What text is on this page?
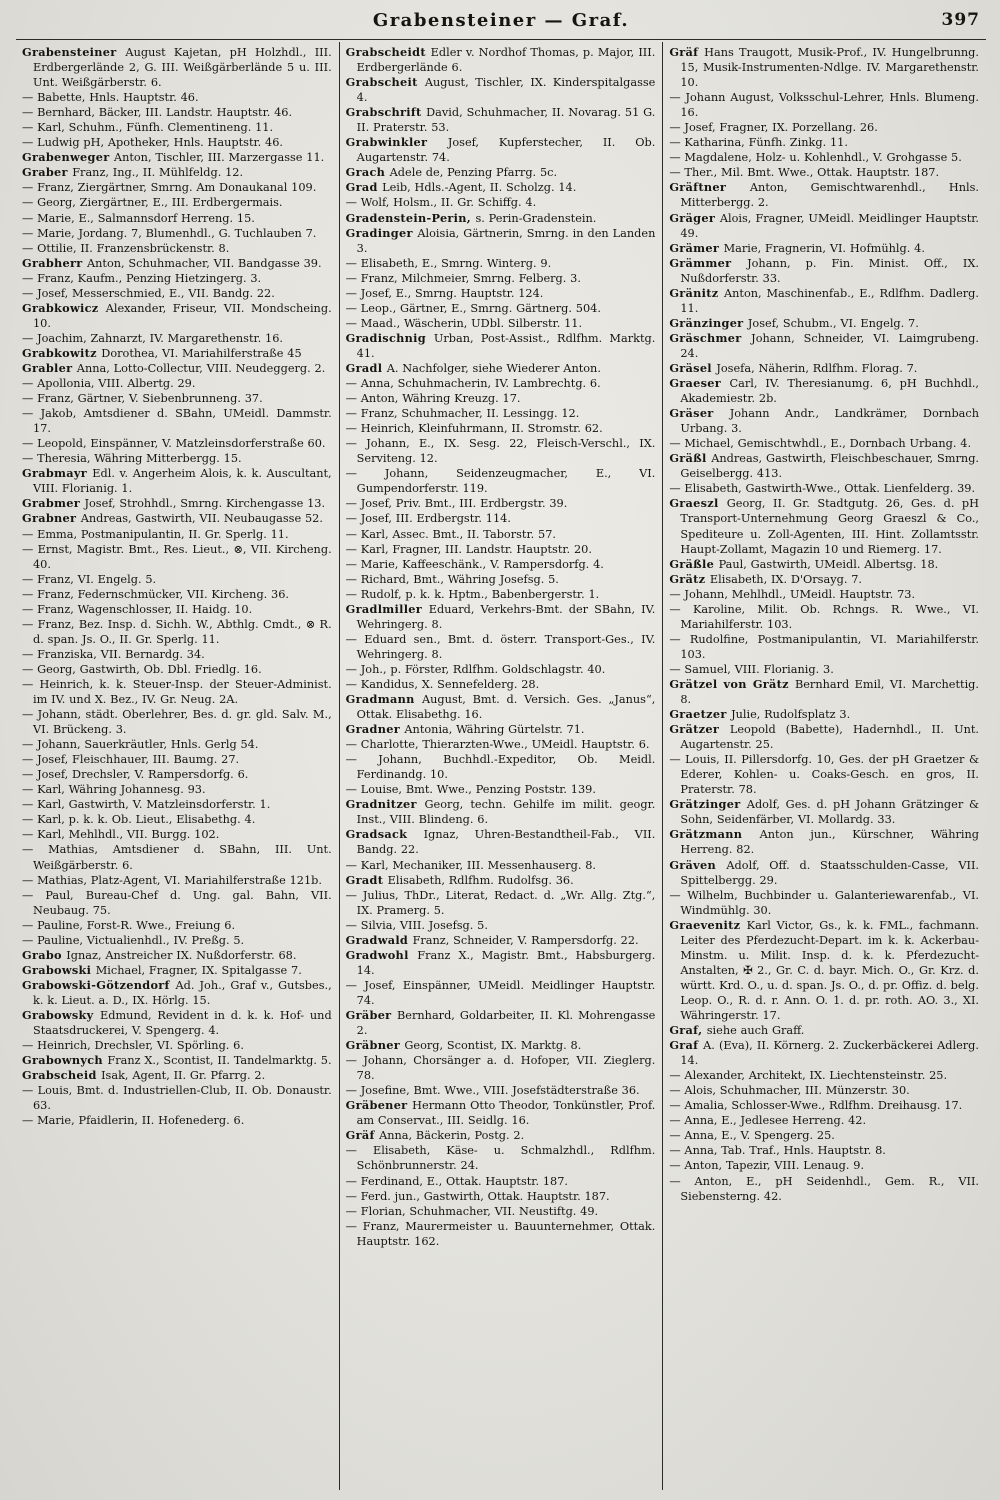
Grabensteiner — Graf.	397

Grabensteiner August Kajetan, pH Holzhdl., III. Erdbergerlände 2, G. III. Weißgärberlände 5 u. III. Unt. Weißgärberstr. 6.

— Babette, Hnls. Hauptstr. 46.

— Bernhard, Bäcker, III. Landstr. Hauptstr. 46.

— Karl, Schuhm., Fünfh. Clementineng. 11.

— Ludwig pH, Apotheker, Hnls. Hauptstr. 46.

Grabenweger Anton, Tischler, III. Marzergasse 11.

Graber Franz, Ing., II. Mühlfeldg. 12.

— Franz, Ziergärtner, Smrng. Am Donaukanal 109.

— Georg, Ziergärtner, E., III. Erdbergermais.

— Marie, E., Salmannsdorf Herreng. 15.

— Marie, Jordang. 7, Blumenhdl., G. Tuchlauben 7.

— Ottilie, II. Franzensbrückenstr. 8.

Grabherr Anton, Schuhmacher, VII. Bandgasse 39.

— Franz, Kaufm., Penzing Hietzingerg. 3.

— Josef, Messerschmied, E., VII. Bandg. 22.

Grabkowicz Alexander, Friseur, VII. Mondscheing. 10.

— Joachim, Zahnarzt, IV. Margarethenstr. 16.

Grabkowitz Dorothea, VI. Mariahilferstraße 45

Grabler Anna, Lotto-Collectur, VIII. Neudeggerg. 2.

— Apollonia, VIII. Albertg. 29.

— Franz, Gärtner, V. Siebenbrunneng. 37.

— Jakob, Amtsdiener d. SBahn, UMeidl. Dammstr. 17.

— Leopold, Einspänner, V. Matzleinsdorferstraße 60.

— Theresia, Währing Mitterbergg. 15.

Grabmayr Edl. v. Angerheim Alois, k. k. Auscultant, VIII. Florianig. 1.

Grabmer Josef, Strohhdl., Smrng. Kirchengasse 13.

Grabner Andreas, Gastwirth, VII. Neubaugasse 52.

— Emma, Postmanipulantin, II. Gr. Sperlg. 11.

— Ernst, Magistr. Bmt., Res. Lieut., ⊗, VII. Kircheng. 40.

— Franz, VI. Engelg. 5.

— Franz, Federnschmücker, VII. Kircheng. 36.

— Franz, Wagenschlosser, II. Haidg. 10.

— Franz, Bez. Insp. d. Sichh. W., Abthlg. Cmdt., ⊗ R. d. span. Js. O., II. Gr. Sperlg. 11.

— Franziska, VII. Bernardg. 34.

— Georg, Gastwirth, Ob. Dbl. Friedlg. 16.

— Heinrich, k. k. Steuer-Insp. der Steuer-Administ. im IV. und X. Bez., IV. Gr. Neug. 2A.

— Johann, städt. Oberlehrer, Bes. d. gr. gld. Salv. M., VI. Brückeng. 3.

— Johann, Sauerkräutler, Hnls. Gerlg 54.

— Josef, Fleischhauer, III. Baumg. 27.

— Josef, Drechsler, V. Rampersdorfg. 6.

— Karl, Währing Johannesg. 93.

— Karl, Gastwirth, V. Matzleinsdorferstr. 1.

— Karl, p. k. k. Ob. Lieut., Elisabethg. 4.

— Karl, Mehlhdl., VII. Burgg. 102.

— Mathias, Amtsdiener d. SBahn, III. Unt. Weißgärberstr. 6.

— Mathias, Platz-Agent, VI. Mariahilferstraße 121b.

— Paul, Bureau-Chef d. Ung. gal. Bahn, VII. Neubaug. 75.

— Pauline, Forst-R. Wwe., Freiung 6.

— Pauline, Victualienhdl., IV. Preßg. 5.

Grabo Ignaz, Anstreicher IX. Nußdorferstr. 68.

Grabowski Michael, Fragner, IX. Spitalgasse 7.

Grabowski-Götzendorf Ad. Joh., Graf v., Gutsbes., k. k. Lieut. a. D., IX. Hörlg. 15.

Grabowsky Edmund, Revident in d. k. k. Hof- und Staatsdruckerei, V. Spengerg. 4.

— Heinrich, Drechsler, VI. Spörling. 6.

Grabownych Franz X., Scontist, II. Tandelmarktg. 5.

Grabscheid Isak, Agent, II. Gr. Pfarrg. 2.

— Louis, Bmt. d. Industriellen-Club, II. Ob. Donaustr. 63.

— Marie, Pfaidlerin, II. Hofenederg. 6.

Grabscheidt Edler v. Nordhof Thomas, p. Major, III. Erdbergerlände 6.

Grabscheit August, Tischler, IX. Kinderspitalgasse 4.

Grabschrift David, Schuhmacher, II. Novarag. 51 G. II. Praterstr. 53.

Grabwinkler Josef, Kupferstecher, II. Ob. Augartenstr. 74.

Grach Adele de, Penzing Pfarrg. 5c.

Grad Leib, Hdls.-Agent, II. Scholzg. 14.

— Wolf, Holsm., II. Gr. Schiffg. 4.

Gradenstein-Perin, s. Perin-Gradenstein.

Gradinger Aloisia, Gärtnerin, Smrng. in den Landen 3.

— Elisabeth, E., Smrng. Winterg. 9.

— Franz, Milchmeier, Smrng. Felberg. 3.

— Josef, E., Smrng. Hauptstr. 124.

— Leop., Gärtner, E., Smrng. Gärtnerg. 504.

— Maad., Wäscherin, UDbl. Silberstr. 11.

Gradischnig Urban, Post-Assist., Rdlfhm. Marktg. 41.

Gradl A. Nachfolger, siehe Wiederer Anton.

— Anna, Schuhmacherin, IV. Lambrechtg. 6.

— Anton, Währing Kreuzg. 17.

— Franz, Schuhmacher, II. Lessingg. 12.

— Heinrich, Kleinfuhrmann, II. Stromstr. 62.

— Johann, E., IX. Sesg. 22, Fleisch-Verschl., IX. Serviteng. 12.

— Johann, Seidenzeugmacher, E., VI. Gumpendorferstr. 119.

— Josef, Priv. Bmt., III. Erdbergstr. 39.

— Josef, III. Erdbergstr. 114.

— Karl, Assec. Bmt., II. Taborstr. 57.

— Karl, Fragner, III. Landstr. Hauptstr. 20.

— Marie, Kaffeeschänk., V. Rampersdorfg. 4.

— Richard, Bmt., Währing Josefsg. 5.

— Rudolf, p. k. k. Hptm., Babenbergerstr. 1.

Gradlmiller Eduard, Verkehrs-Bmt. der SBahn, IV. Wehringerg. 8.

— Eduard sen., Bmt. d. österr. Transport-Ges., IV. Wehringerg. 8.

— Joh., p. Förster, Rdlfhm. Goldschlagstr. 40.

— Kandidus, X. Sennefelderg. 28.

Gradmann August, Bmt. d. Versich. Ges. „Janus“, Ottak. Elisabethg. 16.

Gradner Antonia, Währing Gürtelstr. 71.

— Charlotte, Thierarzten-Wwe., UMeidl. Hauptstr. 6.

— Johann, Buchhdl.-Expeditor, Ob. Meidl. Ferdinandg. 10.

— Louise, Bmt. Wwe., Penzing Poststr. 139.

Gradnitzer Georg, techn. Gehilfe im milit. geogr. Inst., VIII. Blindeng. 6.

Gradsack Ignaz, Uhren-Bestandtheil-Fab., VII. Bandg. 22.

— Karl, Mechaniker, III. Messenhauserg. 8.

Gradt Elisabeth, Rdlfhm. Rudolfsg. 36.

— Julius, ThDr., Literat, Redact. d. „Wr. Allg. Ztg.“, IX. Pramerg. 5.

— Silvia, VIII. Josefsg. 5.

Gradwald Franz, Schneider, V. Rampersdorfg. 22.

Gradwohl Franz X., Magistr. Bmt., Habsburgerg. 14.

— Josef, Einspänner, UMeidl. Meidlinger Hauptstr. 74.

Gräber Bernhard, Goldarbeiter, II. Kl. Mohrengasse 2.

Gräbner Georg, Scontist, IX. Marktg. 8.

— Johann, Chorsänger a. d. Hofoper, VII. Zieglerg. 78.

— Josefine, Bmt. Wwe., VIII. Josefstädterstraße 36.

Gräbener Hermann Otto Theodor, Tonkünstler, Prof. am Conservat., III. Seidlg. 16.

Gräf Anna, Bäckerin, Postg. 2.

— Elisabeth, Käse- u. Schmalzhdl., Rdlfhm. Schönbrunnerstr. 24.

— Ferdinand, E., Ottak. Hauptstr. 187.

— Ferd. jun., Gastwirth, Ottak. Hauptstr. 187.

— Florian, Schuhmacher, VII. Neustiftg. 49.

— Franz, Maurermeister u. Bauunternehmer, Ottak. Hauptstr. 162.

Gräf Hans Traugott, Musik-Prof., IV. Hungelbrunng. 15, Musik-Instrumenten-Ndlge. IV. Margarethenstr. 10.

— Johann August, Volksschul-Lehrer, Hnls. Blumeng. 16.

— Josef, Fragner, IX. Porzellang. 26.

— Katharina, Fünfh. Zinkg. 11.

— Magdalene, Holz- u. Kohlenhdl., V. Grohgasse 5.

— Ther., Mil. Bmt. Wwe., Ottak. Hauptstr. 187.

Gräftner Anton, Gemischtwarenhdl., Hnls. Mitterbergg. 2.

Gräger Alois, Fragner, UMeidl. Meidlinger Hauptstr. 49.

Grämer Marie, Fragnerin, VI. Hofmühlg. 4.

Grämmer Johann, p. Fin. Minist. Off., IX. Nußdorferstr. 33.

Gränitz Anton, Maschinenfab., E., Rdlfhm. Dadlerg. 11.

Gränzinger Josef, Schubm., VI. Engelg. 7.

Gräschmer Johann, Schneider, VI. Laimgrubeng. 24.

Gräsel Josefa, Näherin, Rdlfhm. Florag. 7.

Graeser Carl, IV. Theresianumg. 6, pH Buchhdl., Akademiestr. 2b.

Gräser Johann Andr., Landkrämer, Dornbach Urbang. 3.

— Michael, Gemischtwhdl., E., Dornbach Urbang. 4.

Gräßl Andreas, Gastwirth, Fleischbeschauer, Smrng. Geiselbergg. 413.

— Elisabeth, Gastwirth-Wwe., Ottak. Lienfelderg. 39.

Graeszl Georg, II. Gr. Stadtgutg. 26, Ges. d. pH Transport-Unternehmung Georg Graeszl & Co., Spediteure u. Zoll-Agenten, III. Hint. Zollamtsstr. Haupt-Zollamt, Magazin 10 und Riemerg. 17.

Gräßle Paul, Gastwirth, UMeidl. Albertsg. 18.

Grätz Elisabeth, IX. D'Orsayg. 7.

— Johann, Mehlhdl., UMeidl. Hauptstr. 73.

— Karoline, Milit. Ob. Rchngs. R. Wwe., VI. Mariahilferstr. 103.

— Rudolfine, Postmanipulantin, VI. Mariahilferstr. 103.

— Samuel, VIII. Florianig. 3.

Grätzel von Grätz Bernhard Emil, VI. Marchettig. 8.

Graetzer Julie, Rudolfsplatz 3.

Grätzer Leopold (Babette), Hadernhdl., II. Unt. Augartenstr. 25.

— Louis, II. Pillersdorfg. 10, Ges. der pH Graetzer & Ederer, Kohlen- u. Coaks-Gesch. en gros, II. Praterstr. 78.

Grätzinger Adolf, Ges. d. pH Johann Grätzinger & Sohn, Seidenfärber, VI. Mollardg. 33.

Grätzmann Anton jun., Kürschner, Währing Herreng. 82.

Gräven Adolf, Off. d. Staatsschulden-Casse, VII. Spittelbergg. 29.

— Wilhelm, Buchbinder u. Galanteriewarenfab., VI. Windmühlg. 30.

Graevenitz Karl Victor, Gs., k. k. FML., fachmann. Leiter des Pferdezucht-Depart. im k. k. Ackerbau-Minstm. u. Milit. Insp. d. k. k. Pferdezucht-Anstalten, ✠ 2., Gr. C. d. bayr. Mich. O., Gr. Krz. d. württ. Krd. O., u. d. span. Js. O., d. pr. Offiz. d. belg. Leop. O., R. d. r. Ann. O. 1. d. pr. roth. AO. 3., XI. Währingerstr. 17.

Graf, siehe auch Graff.

Graf A. (Eva), II. Körnerg. 2. Zuckerbäckerei Adlerg. 14.

— Alexander, Architekt, IX. Liechtensteinstr. 25.

— Alois, Schuhmacher, III. Münzerstr. 30.

— Amalia, Schlosser-Wwe., Rdlfhm. Dreihausg. 17.

— Anna, E., Jedlesee Herreng. 42.

— Anna, E., V. Spengerg. 25.

— Anna, Tab. Traf., Hnls. Hauptstr. 8.

— Anton, Tapezir, VIII. Lenaug. 9.

— Anton, E., pH Seidenhdl., Gem. R., VII. Siebensterng. 42.
